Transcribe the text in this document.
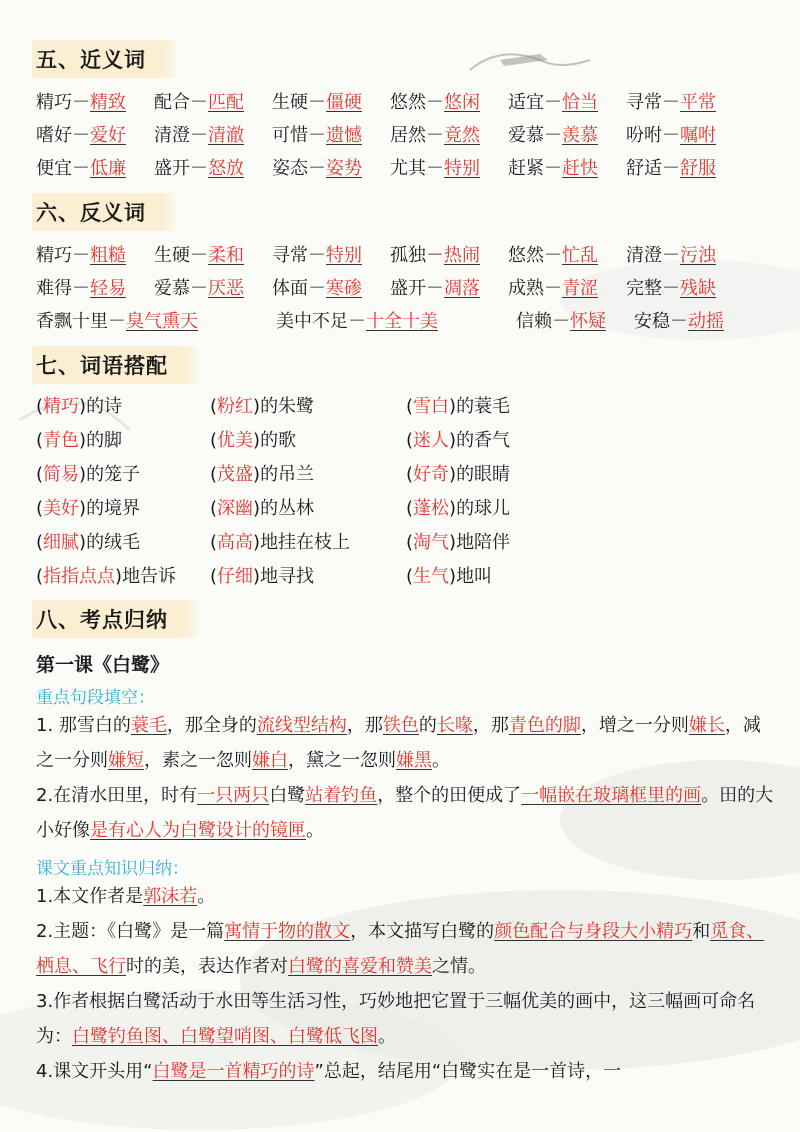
五、近义词
精巧－精致	配合－匹配	生硬－僵硬	悠然－悠闲	适宜－恰当	寻常－平常
嗜好－爱好	清澄－清澈	可惜－遗憾	居然－竟然	爱慕－羡慕	吩咐－嘱咐
便宜－低廉	盛开－怒放	姿态－姿势	尤其－特别	赶紧－赶快	舒适－舒服
六、反义词
精巧－粗糙	生硬－柔和	寻常－特别	孤独－热闹	悠然－忙乱	清澄－污浊
难得－轻易	爱慕－厌恶	体面－寒碜	盛开－凋落	成熟－青涩	完整－残缺
香飘十里－臭气熏天	美中不足－十全十美	信赖－怀疑	安稳－动摇
七、词语搭配
(精巧)的诗	(粉红)的朱鹭	(雪白)的蓑毛
(青色)的脚	(优美)的歌	(迷人)的香气
(简易)的笼子	(茂盛)的吊兰	(好奇)的眼睛
(美好)的境界	(深幽)的丛林	(蓬松)的球儿
(细腻)的绒毛	(高高)地挂在枝上	(淘气)地陪伴
(指指点点)地告诉	(仔细)地寻找	(生气)地叫
八、考点归纳
第一课《白鹭》
重点句段填空：

1. 那雪白的蓑毛，那全身的流线型结构，那铁色的长喙，那青色的脚，增之一分则嫌长，减之一分则嫌短，素之一忽则嫌白，黛之一忽则嫌黑。

2.在清水田里，时有一只两只白鹭站着钓鱼，整个的田便成了一幅嵌在玻璃框里的画。田的大小好像是有心人为白鹭设计的镜匣。

课文重点知识归纳：

1.本文作者是郭沫若。

2.主题：《白鹭》是一篇寓情于物的散文，本文描写白鹭的颜色配合与身段大小精巧和觅食、栖息、飞行时的美，表达作者对白鹭的喜爱和赞美之情。

3.作者根据白鹭活动于水田等生活习性，巧妙地把它置于三幅优美的画中，这三幅画可命名为：白鹭钓鱼图、白鹭望哨图、白鹭低飞图。

4.课文开头用“白鹭是一首精巧的诗”总起，结尾用“白鹭实在是一首诗，一
